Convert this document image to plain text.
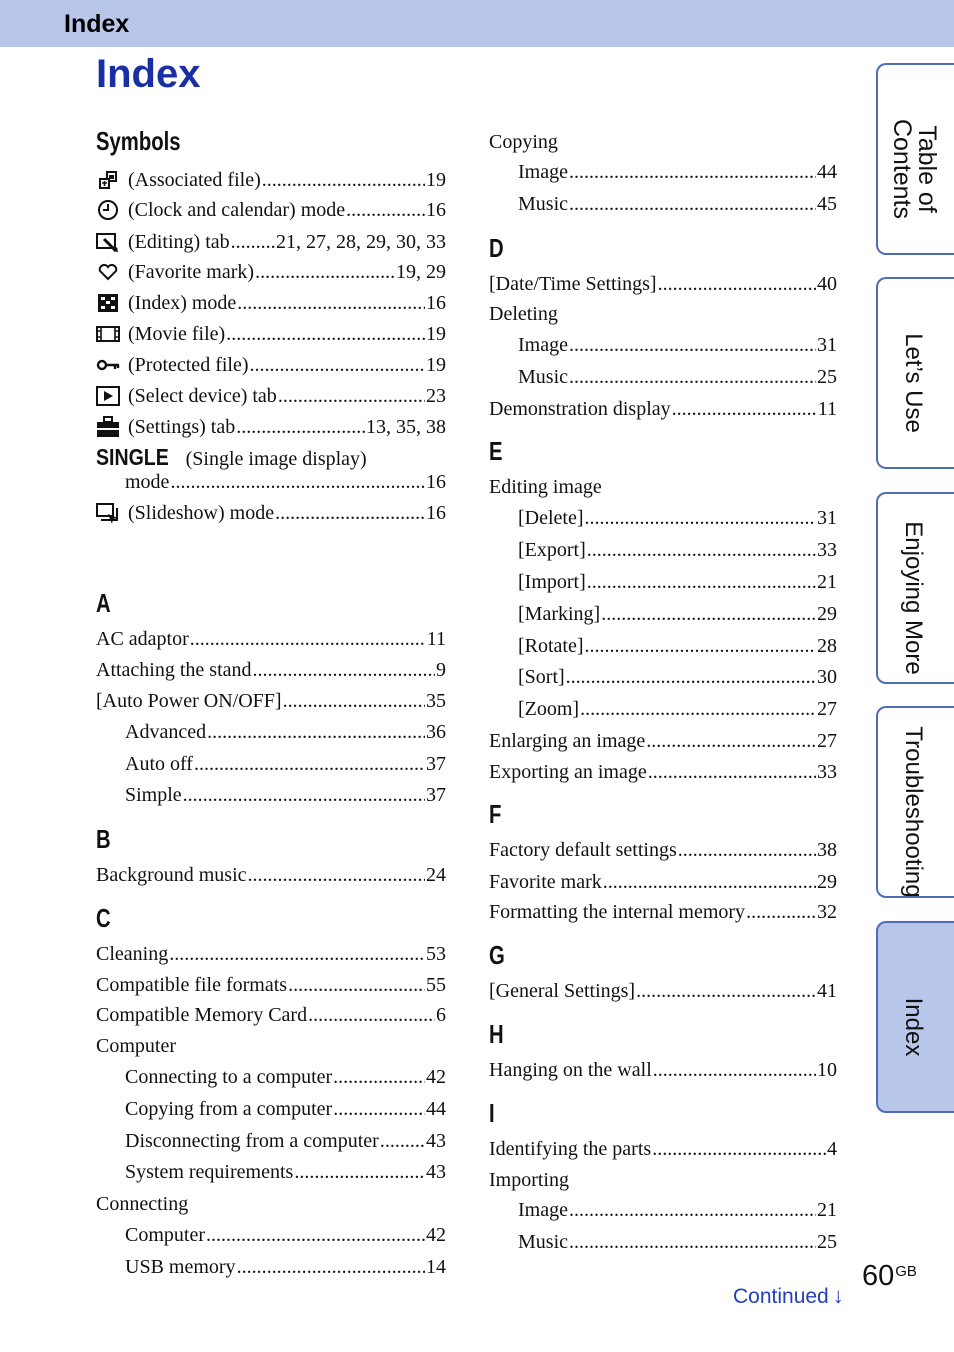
Index
Index
Symbols
(Associated file) .....	19
(Clock and calendar) mode .....	16
(Editing) tab ..... 21, 27, 28, 29, 30, 33
(Favorite mark) .....	19, 29
(Index) mode .....	16
(Movie file) .....	19
(Protected file) .....	19
(Select device) tab .....	23
(Settings) tab .....	13, 35, 38
SINGLE (Single image display)
mode .....	16
(Slideshow) mode .....	16
A
AC adaptor .....	11
Attaching the stand .....	9
[Auto Power ON/OFF] .....	35
Advanced .....	36
Auto off .....	37
Simple .....	37
B
Background music .....	24
C
Cleaning .....	53
Compatible file formats .....	55
Compatible Memory Card .....	6
Computer
Connecting to a computer .....	42
Copying from a computer .....	44
Disconnecting from a computer ..... 43
System requirements .....	43
Connecting
Computer .....	42
USB memory .....	14
Copying
Image .....	44
Music .....	45
D
[Date/Time Settings] .....	40
Deleting
Image .....	31
Music .....	25
Demonstration display .....	11
E
Editing image
[Delete] .....	31
[Export] .....	33
[Import] .....	21
[Marking] .....	29
[Rotate] .....	28
[Sort] .....	30
[Zoom] .....	27
Enlarging an image .....	27
Exporting an image .....	33
F
Factory default settings .....	38
Favorite mark .....	29
Formatting the internal memory .....	32
G
[General Settings] .....	41
H
Hanging on the wall .....	10
I
Identifying the parts .....	4
Importing
Image .....	21
Music .....	25
Table of Contents
Let’s Use
Enjoying More
Troubleshooting
Index
$60^{GB}$
Continued ↓
